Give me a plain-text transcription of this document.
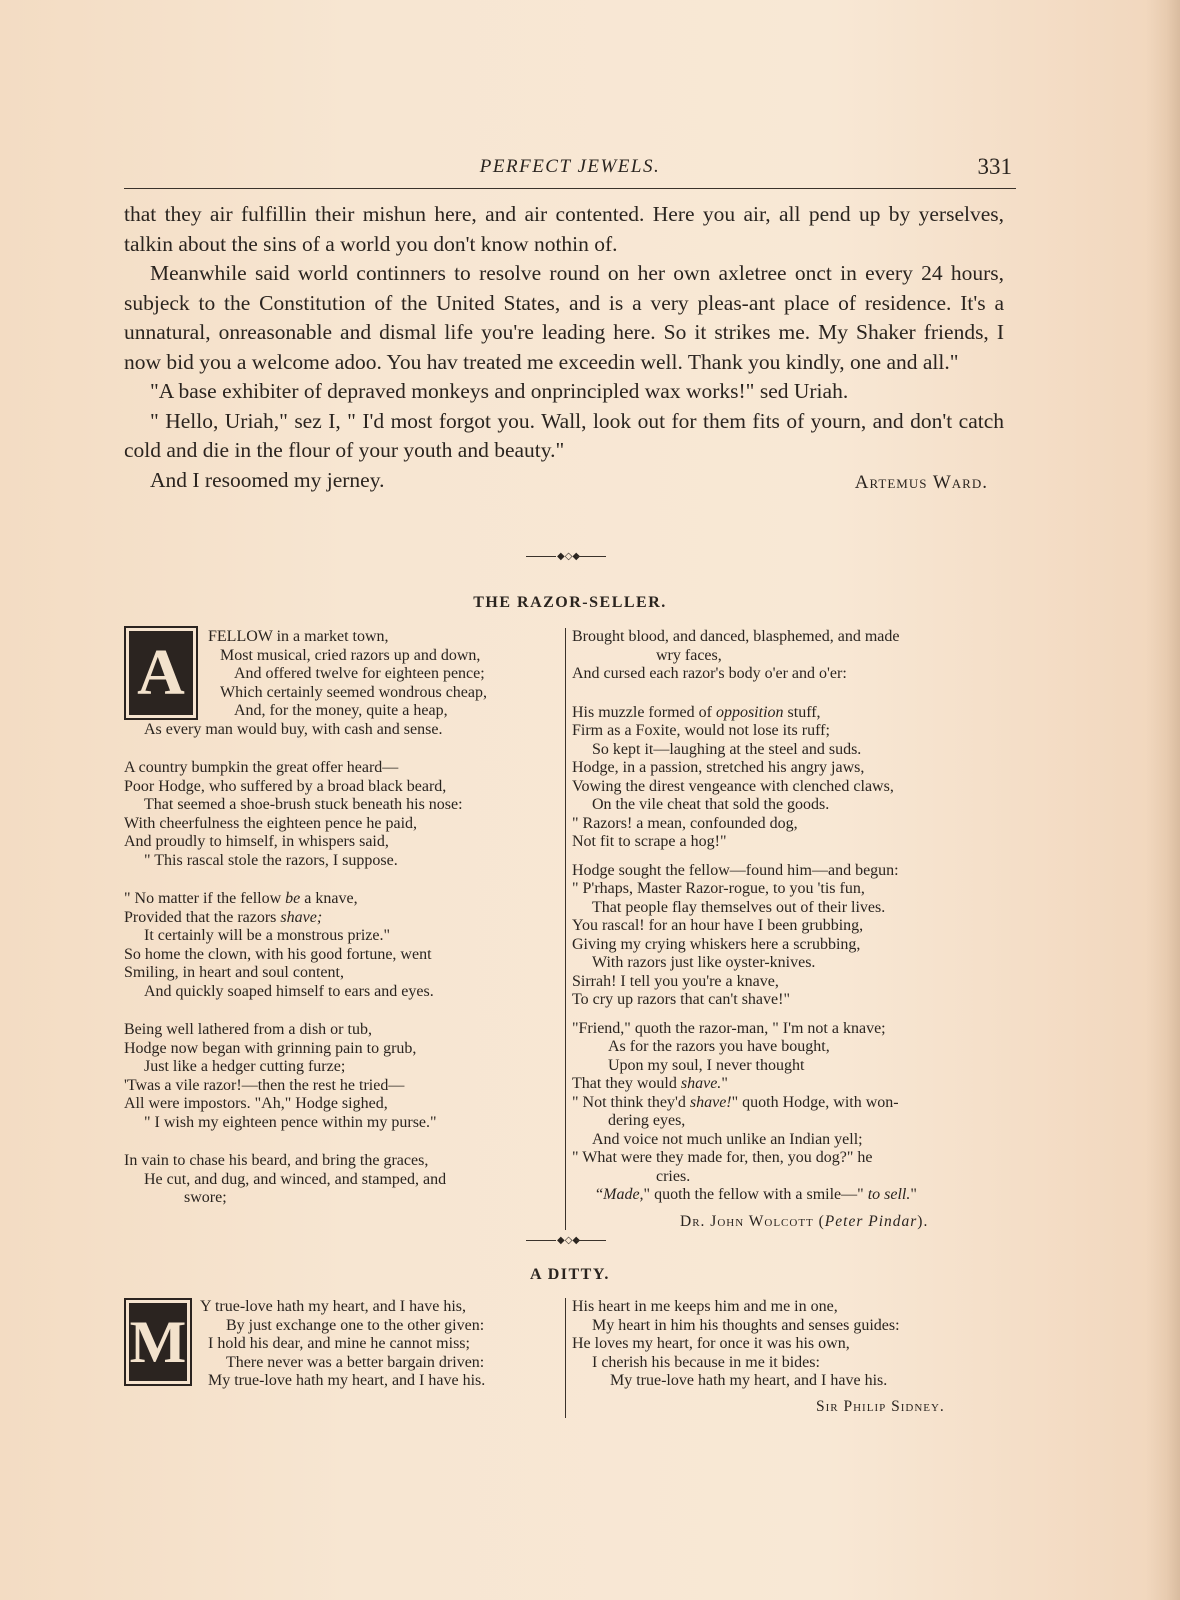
PERFECT JEWELS.	331

that they air fulfillin their mishun here, and air contented. Here you air, all pend up by yerselves, talkin about the sins of a world you don't know nothin of.

Meanwhile said world continners to resolve round on her own axletree onct in every 24 hours, subjeck to the Constitution of the United States, and is a very pleas-ant place of residence. It's a unnatural, onreasonable and dismal life you're leading here. So it strikes me. My Shaker friends, I now bid you a welcome adoo. You hav treated me exceedin well. Thank you kindly, one and all."

"A base exhibiter of depraved monkeys and onprincipled wax works!" sed Uriah.

" Hello, Uriah," sez I, " I'd most forgot you. Wall, look out for them fits of yourn, and don't catch cold and die in the flour of your youth and beauty."

And I resoomed my jerney.	Artemus Ward.
◆◇◆
THE RAZOR-SELLER.
A	FELLOW in a market town,
Most musical, cried razors up and down,
And offered twelve for eighteen pence;
Which certainly seemed wondrous cheap,
And, for the money, quite a heap,
As every man would buy, with cash and sense.
A country bumpkin the great offer heard—
Poor Hodge, who suffered by a broad black beard,
That seemed a shoe-brush stuck beneath his nose:
With cheerfulness the eighteen pence he paid,
And proudly to himself, in whispers said,
" This rascal stole the razors, I suppose.
" No matter if the fellow be a knave,
Provided that the razors shave;
It certainly will be a monstrous prize."
So home the clown, with his good fortune, went
Smiling, in heart and soul content,
And quickly soaped himself to ears and eyes.
Being well lathered from a dish or tub,
Hodge now began with grinning pain to grub,
Just like a hedger cutting furze;
'Twas a vile razor!—then the rest he tried—
All were impostors. "Ah," Hodge sighed,
" I wish my eighteen pence within my purse."
In vain to chase his beard, and bring the graces,
He cut, and dug, and winced, and stamped, and
swore;
Brought blood, and danced, blasphemed, and made
wry faces,
And cursed each razor's body o'er and o'er:
His muzzle formed of opposition stuff,
Firm as a Foxite, would not lose its ruff;
So kept it—laughing at the steel and suds.
Hodge, in a passion, stretched his angry jaws,
Vowing the direst vengeance with clenched claws,
On the vile cheat that sold the goods.
" Razors! a mean, confounded dog,
Not fit to scrape a hog!"
Hodge sought the fellow—found him—and begun:
" P'rhaps, Master Razor-rogue, to you 'tis fun,
That people flay themselves out of their lives.
You rascal! for an hour have I been grubbing,
Giving my crying whiskers here a scrubbing,
With razors just like oyster-knives.
Sirrah! I tell you you're a knave,
To cry up razors that can't shave!"
"Friend," quoth the razor-man, " I'm not a knave;
As for the razors you have bought,
Upon my soul, I never thought
That they would shave."
" Not think they'd shave!" quoth Hodge, with won-
dering eyes,
And voice not much unlike an Indian yell;
" What were they made for, then, you dog?" he
cries.
“Made," quoth the fellow with a smile—" to sell."
Dr. John Wolcott (Peter Pindar).
◆◇◆
A DITTY.
M
Y true-love hath my heart, and I have his,
By just exchange one to the other given:
I hold his dear, and mine he cannot miss;
There never was a better bargain driven:
My true-love hath my heart, and I have his.
His heart in me keeps him and me in one,
My heart in him his thoughts and senses guides:
He loves my heart, for once it was his own,
I cherish his because in me it bides:
My true-love hath my heart, and I have his.
Sir Philip Sidney.
